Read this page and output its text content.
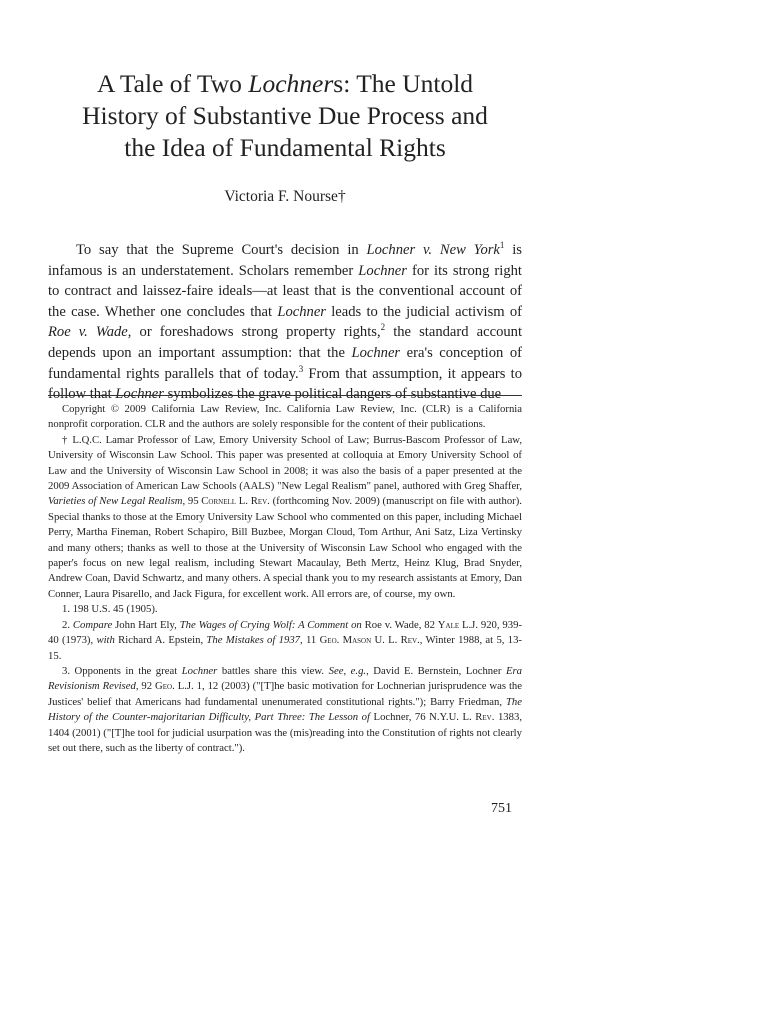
A Tale of Two Lochners: The Untold
History of Substantive Due Process and
the Idea of Fundamental Rights

Victoria F. Nourse†

To say that the Supreme Court's decision in Lochner v. New York$^1$ is infamous is an understatement. Scholars remember Lochner for its strong right to contract and laissez-faire ideals—at least that is the conventional account of the case. Whether one concludes that Lochner leads to the judicial activism of Roe v. Wade, or foreshadows strong property rights,$^2$ the standard account depends upon an important assumption: that the Lochner era's conception of fundamental rights parallels that of today.$^3$ From that assumption, it appears to follow that Lochner symbolizes the grave political dangers of substantive due

Copyright © 2009 California Law Review, Inc. California Law Review, Inc. (CLR) is a California nonprofit corporation. CLR and the authors are solely responsible for the content of their publications.

† L.Q.C. Lamar Professor of Law, Emory University School of Law; Burrus-Bascom Professor of Law, University of Wisconsin Law School. This paper was presented at colloquia at Emory University School of Law and the University of Wisconsin Law School in 2008; it was also the basis of a paper presented at the 2009 Association of American Law Schools (AALS) "New Legal Realism" panel, authored with Greg Shaffer, Varieties of New Legal Realism, 95 Cornell L. Rev. (forthcoming Nov. 2009) (manuscript on file with author). Special thanks to those at the Emory University Law School who commented on this paper, including Michael Perry, Martha Fineman, Robert Schapiro, Bill Buzbee, Morgan Cloud, Tom Arthur, Ani Satz, Liza Vertinsky and many others; thanks as well to those at the University of Wisconsin Law School who engaged with the paper's focus on new legal realism, including Stewart Macaulay, Beth Mertz, Heinz Klug, Brad Snyder, Andrew Coan, David Schwartz, and many others. A special thank you to my research assistants at Emory, Dan Conner, Laura Pisarello, and Jack Figura, for excellent work. All errors are, of course, my own.

1. 198 U.S. 45 (1905).

2. Compare John Hart Ely, The Wages of Crying Wolf: A Comment on Roe v. Wade, 82 Yale L.J. 920, 939-40 (1973), with Richard A. Epstein, The Mistakes of 1937, 11 Geo. Mason U. L. Rev., Winter 1988, at 5, 13-15.

3. Opponents in the great Lochner battles share this view. See, e.g., David E. Bernstein, Lochner Era Revisionism Revised, 92 Geo. L.J. 1, 12 (2003) ("[T]he basic motivation for Lochnerian jurisprudence was the Justices' belief that Americans had fundamental unenumerated constitutional rights."); Barry Friedman, The History of the Counter-majoritarian Difficulty, Part Three: The Lesson of Lochner, 76 N.Y.U. L. Rev. 1383, 1404 (2001) ("[T]he tool for judicial usurpation was the (mis)reading into the Constitution of rights not clearly set out there, such as the liberty of contract.").

751
